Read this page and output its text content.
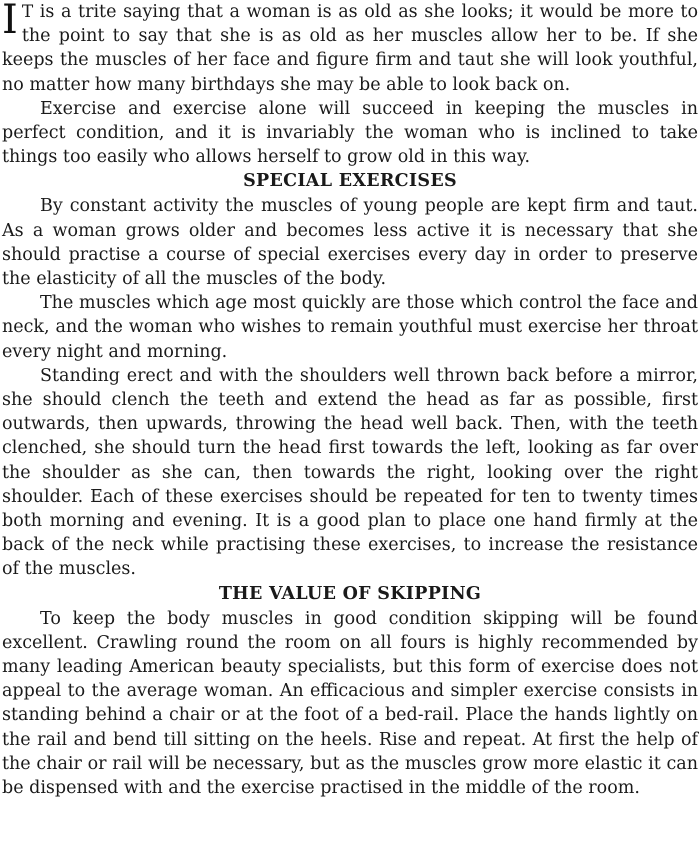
IT is a trite saying that a woman is as old as she looks; it would be more to the point to say that she is as old as her muscles allow her to be. If she keeps the muscles of her face and figure firm and taut she will look youthful, no matter how many birthdays she may be able to look back on.

Exercise and exercise alone will succeed in keeping the muscles in perfect condition, and it is invariably the woman who is inclined to take things too easily who allows herself to grow old in this way.

SPECIAL EXERCISES

By constant activity the muscles of young people are kept firm and taut. As a woman grows older and becomes less active it is necessary that she should practise a course of special exercises every day in order to preserve the elasticity of all the muscles of the body.

The muscles which age most quickly are those which control the face and neck, and the woman who wishes to remain youthful must exercise her throat every night and morning.

Standing erect and with the shoulders well thrown back before a mirror, she should clench the teeth and extend the head as far as possible, first outwards, then upwards, throwing the head well back. Then, with the teeth clenched, she should turn the head first towards the left, looking as far over the shoulder as she can, then towards the right, looking over the right shoulder. Each of these exercises should be repeated for ten to twenty times both morning and evening. It is a good plan to place one hand firmly at the back of the neck while practising these exercises, to increase the resistance of the muscles.

THE VALUE OF SKIPPING

To keep the body muscles in good condition skipping will be found excellent. Crawling round the room on all fours is highly recommended by many leading American beauty specialists, but this form of exercise does not appeal to the average woman. An efficacious and simpler exercise consists in standing behind a chair or at the foot of a bed-rail. Place the hands lightly on the rail and bend till sitting on the heels. Rise and repeat. At first the help of the chair or rail will be necessary, but as the muscles grow more elastic it can be dispensed with and the exercise practised in the middle of the room.
